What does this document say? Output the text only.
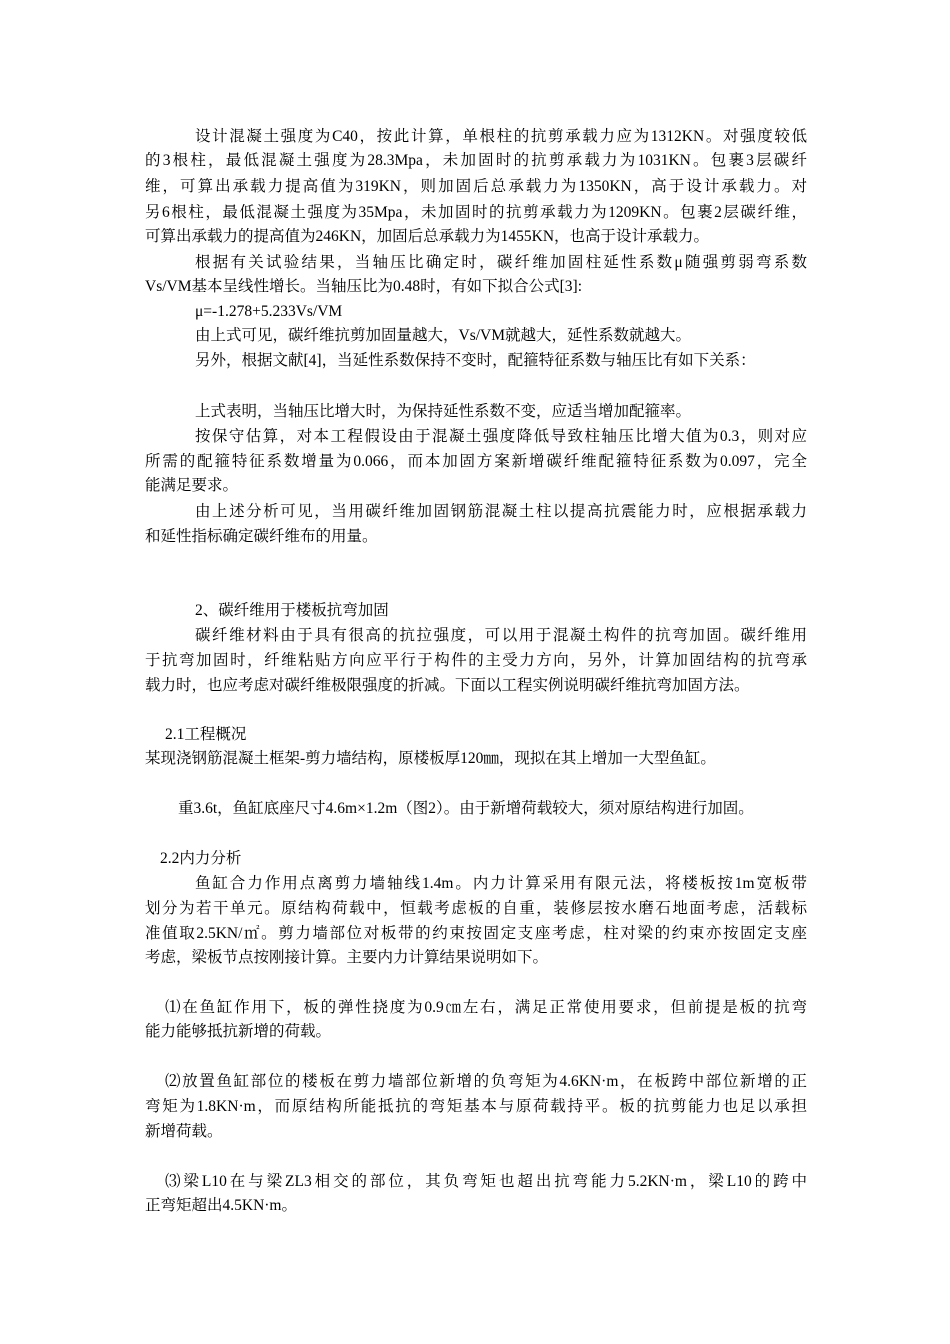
设计混凝土强度为C40，按此计算，单根柱的抗剪承载力应为1312KN。对强度较低
的3根柱，最低混凝土强度为28.3Mpa，未加固时的抗剪承载力为1031KN。包裹3层碳纤
维，可算出承载力提高值为319KN，则加固后总承载力为1350KN，高于设计承载力。对
另6根柱，最低混凝土强度为35Mpa，未加固时的抗剪承载力为1209KN。包裹2层碳纤维，
可算出承载力的提高值为246KN，加固后总承载力为1455KN，也高于设计承载力。
根据有关试验结果，当轴压比确定时，碳纤维加固柱延性系数μ随强剪弱弯系数
Vs/VM基本呈线性增长。当轴压比为0.48时，有如下拟合公式[3]:
μ=-1.278+5.233Vs/VM
由上式可见，碳纤维抗剪加固量越大，Vs/VM就越大，延性系数就越大。
另外，根据文献[4]，当延性系数保持不变时，配箍特征系数与轴压比有如下关系：
上式表明，当轴压比增大时，为保持延性系数不变，应适当增加配箍率。
按保守估算，对本工程假设由于混凝土强度降低导致柱轴压比增大值为0.3，则对应
所需的配箍特征系数增量为0.066，而本加固方案新增碳纤维配箍特征系数为0.097，完全
能满足要求。
由上述分析可见，当用碳纤维加固钢筋混凝土柱以提高抗震能力时，应根据承载力
和延性指标确定碳纤维布的用量。
2、碳纤维用于楼板抗弯加固
碳纤维材料由于具有很高的抗拉强度，可以用于混凝土构件的抗弯加固。碳纤维用
于抗弯加固时，纤维粘贴方向应平行于构件的主受力方向，另外，计算加固结构的抗弯承
载力时，也应考虑对碳纤维极限强度的折减。下面以工程实例说明碳纤维抗弯加固方法。
2.1工程概况
某现浇钢筋混凝土框架-剪力墙结构，原楼板厚120㎜，现拟在其上增加一大型鱼缸。
重3.6t，鱼缸底座尺寸4.6m×1.2m（图2）。由于新增荷载较大，须对原结构进行加固。
2.2内力分析
鱼缸合力作用点离剪力墙轴线1.4m。内力计算采用有限元法，将楼板按1m宽板带
划分为若干单元。原结构荷载中，恒载考虑板的自重，装修层按水磨石地面考虑，活载标
准值取2.5KN/㎡。剪力墙部位对板带的约束按固定支座考虑，柱对梁的约束亦按固定支座
考虑，梁板节点按刚接计算。主要内力计算结果说明如下。
⑴在鱼缸作用下，板的弹性挠度为0.9㎝左右，满足正常使用要求，但前提是板的抗弯
能力能够抵抗新增的荷载。
⑵放置鱼缸部位的楼板在剪力墙部位新增的负弯矩为4.6KN·m，在板跨中部位新增的正
弯矩为1.8KN·m，而原结构所能抵抗的弯矩基本与原荷载持平。板的抗剪能力也足以承担
新增荷载。
⑶梁L10在与梁ZL3相交的部位，其负弯矩也超出抗弯能力5.2KN·m，梁L10的跨中
正弯矩超出4.5KN·m。
